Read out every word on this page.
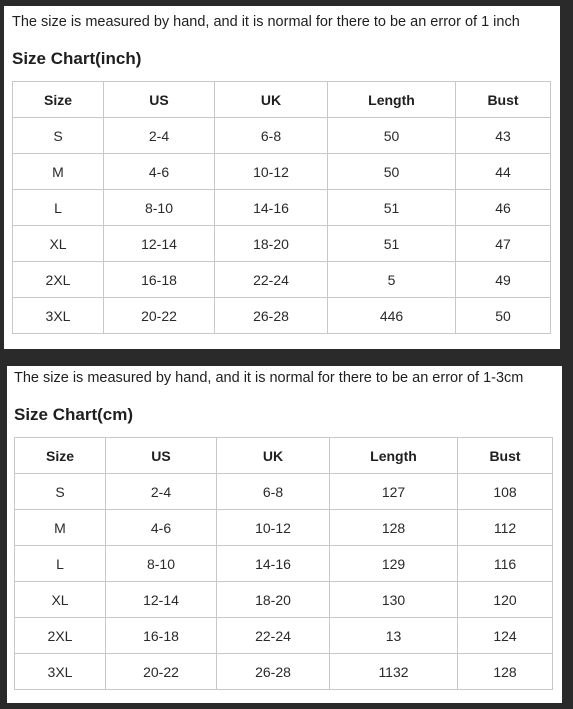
The size is measured by hand, and it is normal for there to be an error of 1 inch
Size Chart(inch)
Size	US	UK	Length	Bust
S	2-4	6-8	50	43
M	4-6	10-12	50	44
L	8-10	14-16	51	46
XL	12-14	18-20	51	47
2XL	16-18	22-24	5	49
3XL	20-22	26-28	446	50
The size is measured by hand, and it is normal for there to be an error of 1-3cm
Size Chart(cm)
Size	US	UK	Length	Bust
S	2-4	6-8	127	108
M	4-6	10-12	128	112
L	8-10	14-16	129	116
XL	12-14	18-20	130	120
2XL	16-18	22-24	13	124
3XL	20-22	26-28	1132	128
